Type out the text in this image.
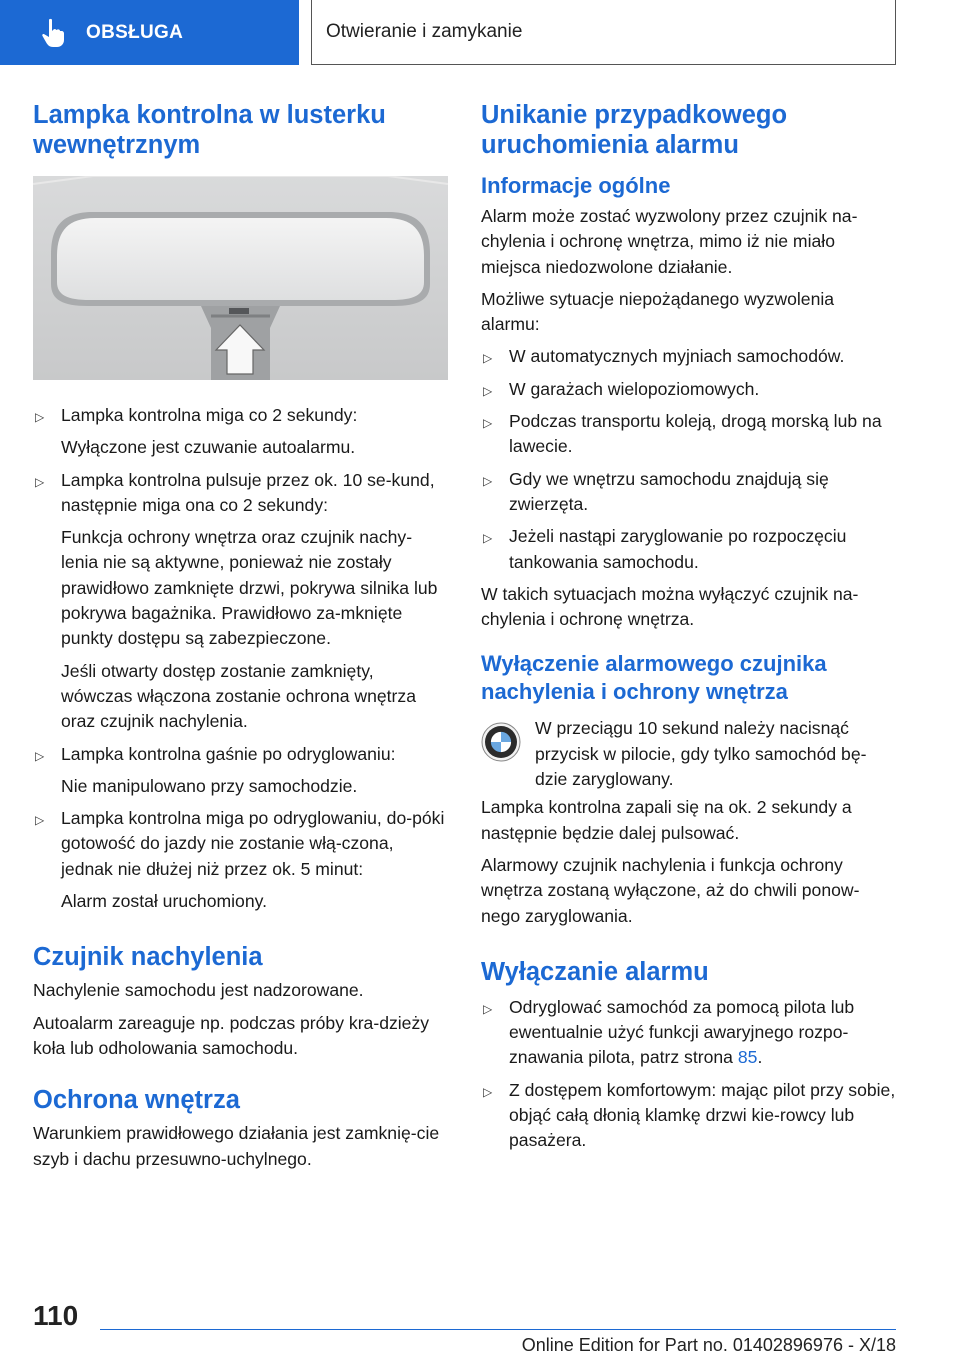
OBSŁUGA	Otwieranie i zamykanie
Lampka kontrolna w lusterku wewnętrznym
▷ Lampka kontrolna miga co 2 sekundy:

Wyłączone jest czuwanie autoalarmu.

▷ Lampka kontrolna pulsuje przez ok. 10 se-kund, następnie miga ona co 2 sekundy:

Funkcja ochrony wnętrza oraz czujnik nachy-lenia nie są aktywne, ponieważ nie zostały prawidłowo zamknięte drzwi, pokrywa silnika lub pokrywa bagażnika. Prawidłowo za-mknięte punkty dostępu są zabezpieczone.

Jeśli otwarty dostęp zostanie zamknięty, wówczas włączona zostanie ochrona wnętrza oraz czujnik nachylenia.

▷ Lampka kontrolna gaśnie po odryglowaniu:

Nie manipulowano przy samochodzie.

▷ Lampka kontrolna miga po odryglowaniu, do-póki gotowość do jazdy nie zostanie włą-czona, jednak nie dłużej niż przez ok. 5 minut:

Alarm został uruchomiony.

Czujnik nachylenia

Nachylenie samochodu jest nadzorowane.

Autoalarm zareaguje np. podczas próby kra-dzieży koła lub odholowania samochodu.

Ochrona wnętrza

Warunkiem prawidłowego działania jest zamknię-cie szyb i dachu przesuwno-uchylnego.

Unikanie przypadkowego uruchomienia alarmu
Informacje ogólne

Alarm może zostać wyzwolony przez czujnik na-chylenia i ochronę wnętrza, mimo iż nie miało miejsca niedozwolone działanie.

Możliwe sytuacje niepożądanego wyzwolenia alarmu:

▷ W automatycznych myjniach samochodów.
▷ W garażach wielopoziomowych.
▷ Podczas transportu koleją, drogą morską lub na lawecie.
▷ Gdy we wnętrzu samochodu znajdują się zwierzęta.
▷ Jeżeli nastąpi zaryglowanie po rozpoczęciu tankowania samochodu.

W takich sytuacjach można wyłączyć czujnik na-chylenia i ochronę wnętrza.

Wyłączenie alarmowego czujnika nachylenia i ochrony wnętrza

W przeciągu 10 sekund należy nacisnąć przycisk w pilocie, gdy tylko samochód bę-dzie zaryglowany.

Lampka kontrolna zapali się na ok. 2 sekundy a następnie będzie dalej pulsować.

Alarmowy czujnik nachylenia i funkcja ochrony wnętrza zostaną wyłączone, aż do chwili ponow-nego zaryglowania.

Wyłączanie alarmu
▷ Odryglować samochód za pomocą pilota lub ewentualnie użyć funkcji awaryjnego rozpo-znawania pilota, patrz strona 85.
▷ Z dostępem komfortowym: mając pilot przy sobie, objąć całą dłonią klamkę drzwi kie-rowcy lub pasażera.
110
Online Edition for Part no. 01402896976 - X/18
